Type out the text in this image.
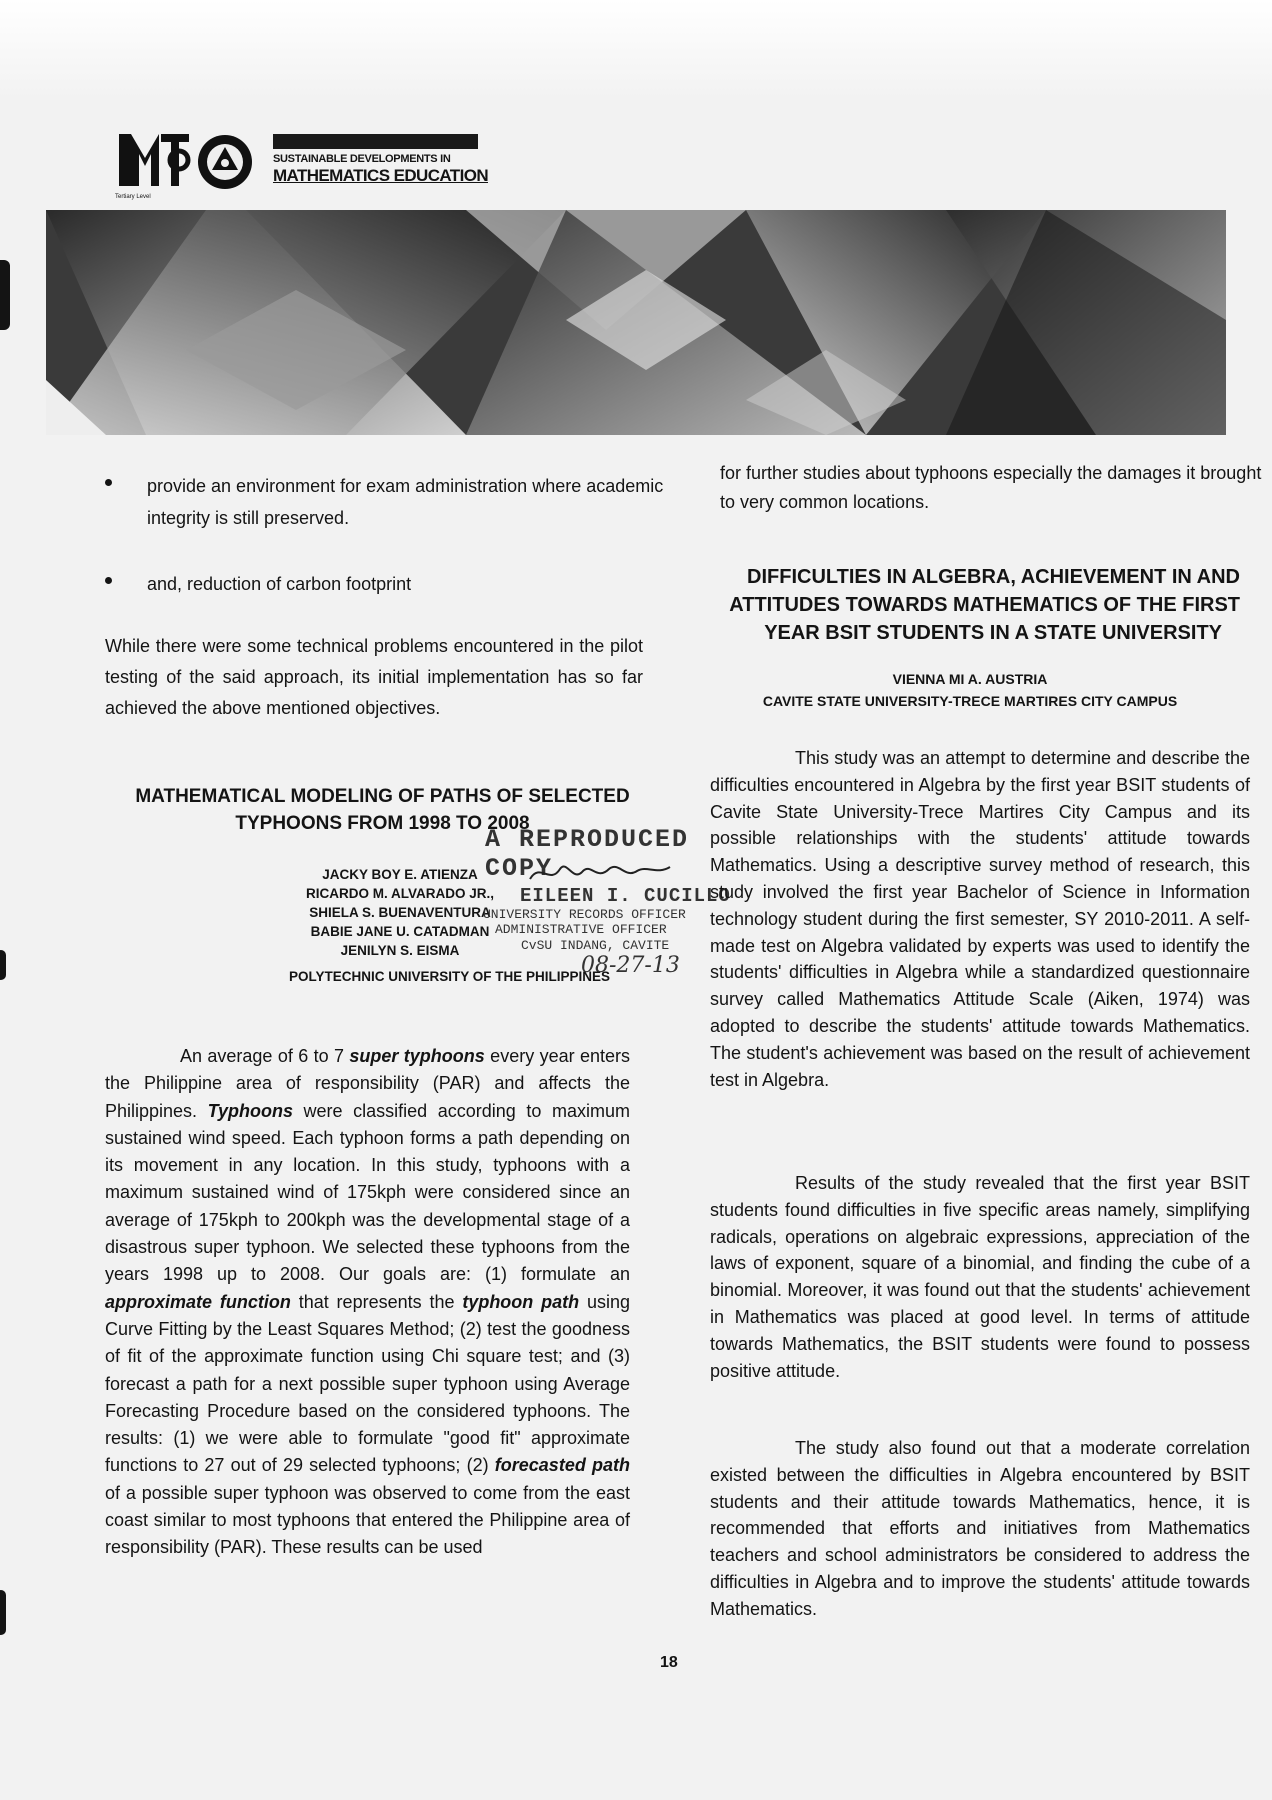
SUSTAINABLE DEVELOPMENTS IN
MATHEMATICS EDUCATION
Tertiary Level
provide an environment for exam administration where academic integrity is still preserved.
and, reduction of carbon footprint
While there were some technical problems encountered in the pilot testing of the said approach, its initial implementation has so far achieved the above mentioned objectives.
MATHEMATICAL MODELING OF PATHS OF SELECTED TYPHOONS FROM 1998 TO 2008
JACKY BOY E. ATIENZA
RICARDO M. ALVARADO JR.,
SHIELA S. BUENAVENTURA
BABIE JANE U. CATADMAN
JENILYN S. EISMA
POLYTECHNIC UNIVERSITY OF THE PHILIPPINES
A REPRODUCED COPY
EILEEN I. CUCILLO
UNIVERSITY RECORDS OFFICER
ADMINISTRATIVE OFFICER
CvSU INDANG, CAVITE
08-27-13
An average of 6 to 7 super typhoons every year enters the Philippine area of responsibility (PAR) and affects the Philippines. Typhoons were classified according to maximum sustained wind speed. Each typhoon forms a path depending on its movement in any location. In this study, typhoons with a maximum sustained wind of 175kph were considered since an average of 175kph to 200kph was the developmental stage of a disastrous super typhoon. We selected these typhoons from the years 1998 up to 2008. Our goals are: (1) formulate an approximate function that represents the typhoon path using Curve Fitting by the Least Squares Method; (2) test the goodness of fit of the approximate function using Chi square test; and (3) forecast a path for a next possible super typhoon using Average Forecasting Procedure based on the considered typhoons. The results: (1) we were able to formulate "good fit" approximate functions to 27 out of 29 selected typhoons; (2) forecasted path of a possible super typhoon was observed to come from the east coast similar to most typhoons that entered the Philippine area of responsibility (PAR). These results can be used
for further studies about typhoons especially the damages it brought to very common locations.
DIFFICULTIES IN ALGEBRA, ACHIEVEMENT IN AND
ATTITUDES TOWARDS MATHEMATICS OF THE FIRST
YEAR BSIT STUDENTS IN A STATE UNIVERSITY
VIENNA MI A. AUSTRIA
CAVITE STATE UNIVERSITY-TRECE MARTIRES CITY CAMPUS
This study was an attempt to determine and describe the difficulties encountered in Algebra by the first year BSIT students of Cavite State University-Trece Martires City Campus and its possible relationships with the students' attitude towards Mathematics. Using a descriptive survey method of research, this study involved the first year Bachelor of Science in Information technology student during the first semester, SY 2010-2011. A self-made test on Algebra validated by experts was used to identify the students' difficulties in Algebra while a standardized questionnaire survey called Mathematics Attitude Scale (Aiken, 1974) was adopted to describe the students' attitude towards Mathematics. The student's achievement was based on the result of achievement test in Algebra.
Results of the study revealed that the first year BSIT students found difficulties in five specific areas namely, simplifying radicals, operations on algebraic expressions, appreciation of the laws of exponent, square of a binomial, and finding the cube of a binomial. Moreover, it was found out that the students' achievement in Mathematics was placed at good level. In terms of attitude towards Mathematics, the BSIT students were found to possess positive attitude.
The study also found out that a moderate correlation existed between the difficulties in Algebra encountered by BSIT students and their attitude towards Mathematics, hence, it is recommended that efforts and initiatives from Mathematics teachers and school administrators be considered to address the difficulties in Algebra and to improve the students' attitude towards Mathematics.
18
